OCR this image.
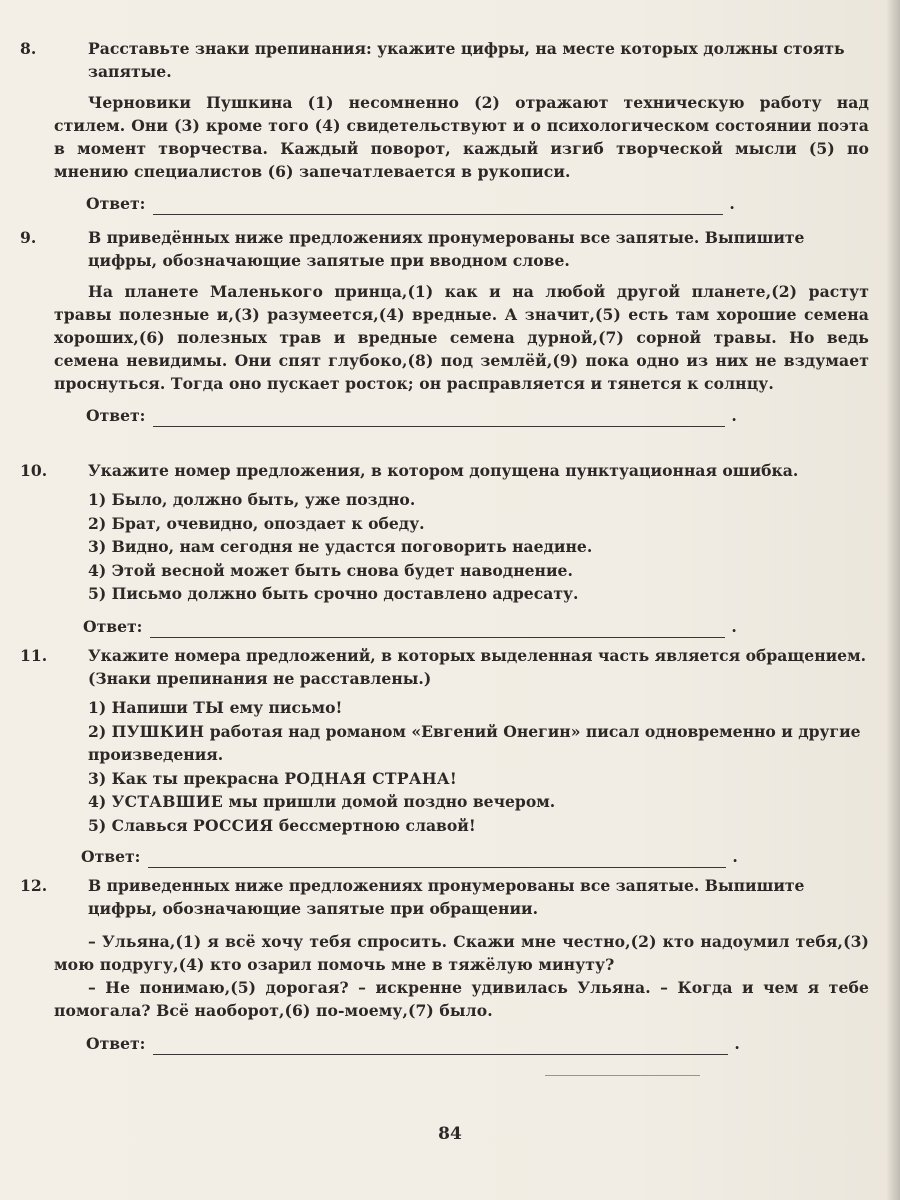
8.	Расставьте знаки препинания: укажите цифры, на месте которых должны стоять запятые.

Черновики Пушкина (1) несомненно (2) отражают техническую работу над стилем. Они (3) кроме того (4) свидетельствуют и о психологическом состоянии поэта в момент творчества. Каждый поворот, каждый изгиб творческой мысли (5) по мнению специалистов (6) запечатлевается в рукописи.

Ответ:	.

9.	В приведённых ниже предложениях пронумерованы все запятые. Выпишите цифры, обозначающие запятые при вводном слове.

На планете Маленького принца,(1) как и на любой другой планете,(2) растут травы полезные и,(3) разумеется,(4) вредные. А значит,(5) есть там хорошие семена хороших,(6) полезных трав и вредные семена дурной,(7) сорной травы. Но ведь семена невидимы. Они спят глубоко,(8) под землёй,(9) пока одно из них не вздумает проснуться. Тогда оно пускает росток; он расправляется и тянется к солнцу.

Ответ:	.

10.	Укажите номер предложения, в котором допущена пунктуационная ошибка.

1) Было, должно быть, уже поздно.
2) Брат, очевидно, опоздает к обеду.
3) Видно, нам сегодня не удастся поговорить наедине.
4) Этой весной может быть снова будет наводнение.
5) Письмо должно быть срочно доставлено адресату.
Ответ:	.

11.	Укажите номера предложений, в которых выделенная часть является обращением. (Знаки препинания не расставлены.)

1) Напиши ТЫ ему письмо!
2) ПУШКИН работая над романом «Евгений Онегин» писал одновременно и другие произведения.
3) Как ты прекрасна РОДНАЯ СТРАНА!
4) УСТАВШИЕ мы пришли домой поздно вечером.
5) Славься РОССИЯ бессмертною славой!
Ответ:	.

12.	В приведенных ниже предложениях пронумерованы все запятые. Выпишите цифры, обозначающие запятые при обращении.

– Ульяна,(1) я всё хочу тебя спросить. Скажи мне честно,(2) кто надоумил тебя,(3) мою подругу,(4) кто озарил помочь мне в тяжёлую минуту?

– Не понимаю,(5) дорогая? – искренне удивилась Ульяна. – Когда и чем я тебе помогала? Всё наоборот,(6) по-моему,(7) было.

Ответ:	.
84
